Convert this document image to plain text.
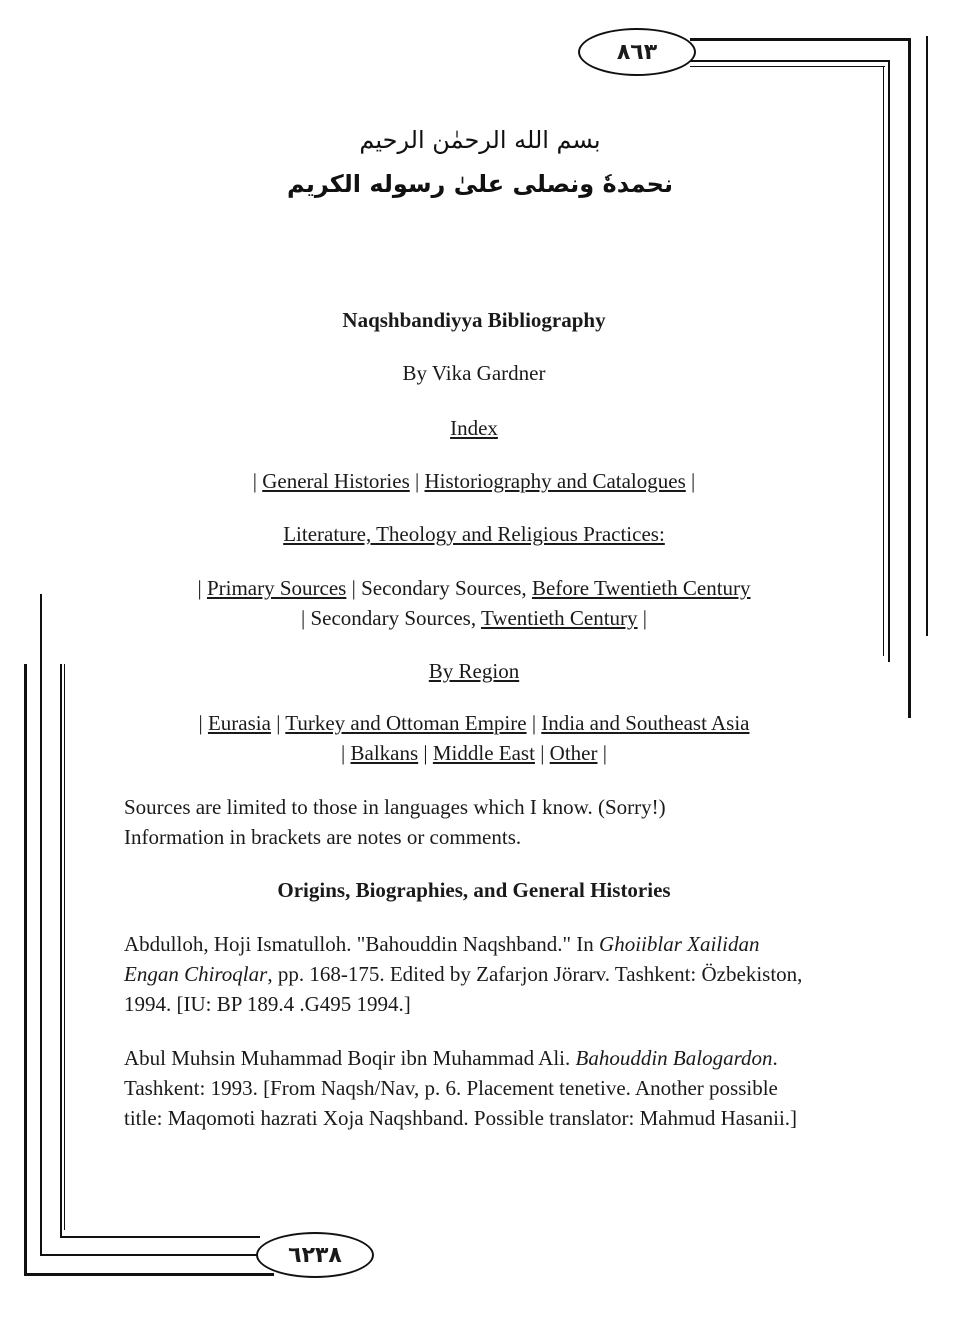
٨٦٣
٦٢٣٨
بسم الله الرحمٰن الرحيم
نحمدهٗ ونصلى علىٰ رسوله الكريم

Naqshbandiyya Bibliography

By Vika Gardner

Index

| General Histories | Historiography and Catalogues |

Literature, Theology and Religious Practices:

| Primary Sources | Secondary Sources, Before Twentieth Century
| Secondary Sources, Twentieth Century |

By Region

| Eurasia | Turkey and Ottoman Empire | India and Southeast Asia
| Balkans | Middle East | Other |
Sources are limited to those in languages which I know. (Sorry!)
Information in brackets are notes or comments.

Origins, Biographies, and General Histories

Abdulloh, Hoji Ismatulloh. "Bahouddin Naqshband." In Ghoiiblar Xailidan Engan Chiroqlar, pp. 168-175. Edited by Zafarjon Jörarv. Tashkent: Özbekiston, 1994. [IU: BP 189.4 .G495 1994.]
Abul Muhsin Muhammad Boqir ibn Muhammad Ali. Bahouddin Balogardon. Tashkent: 1993. [From Naqsh/Nav, p. 6. Placement tenetive. Another possible title: Maqomoti hazrati Xoja Naqshband. Possible translator: Mahmud Hasanii.]
